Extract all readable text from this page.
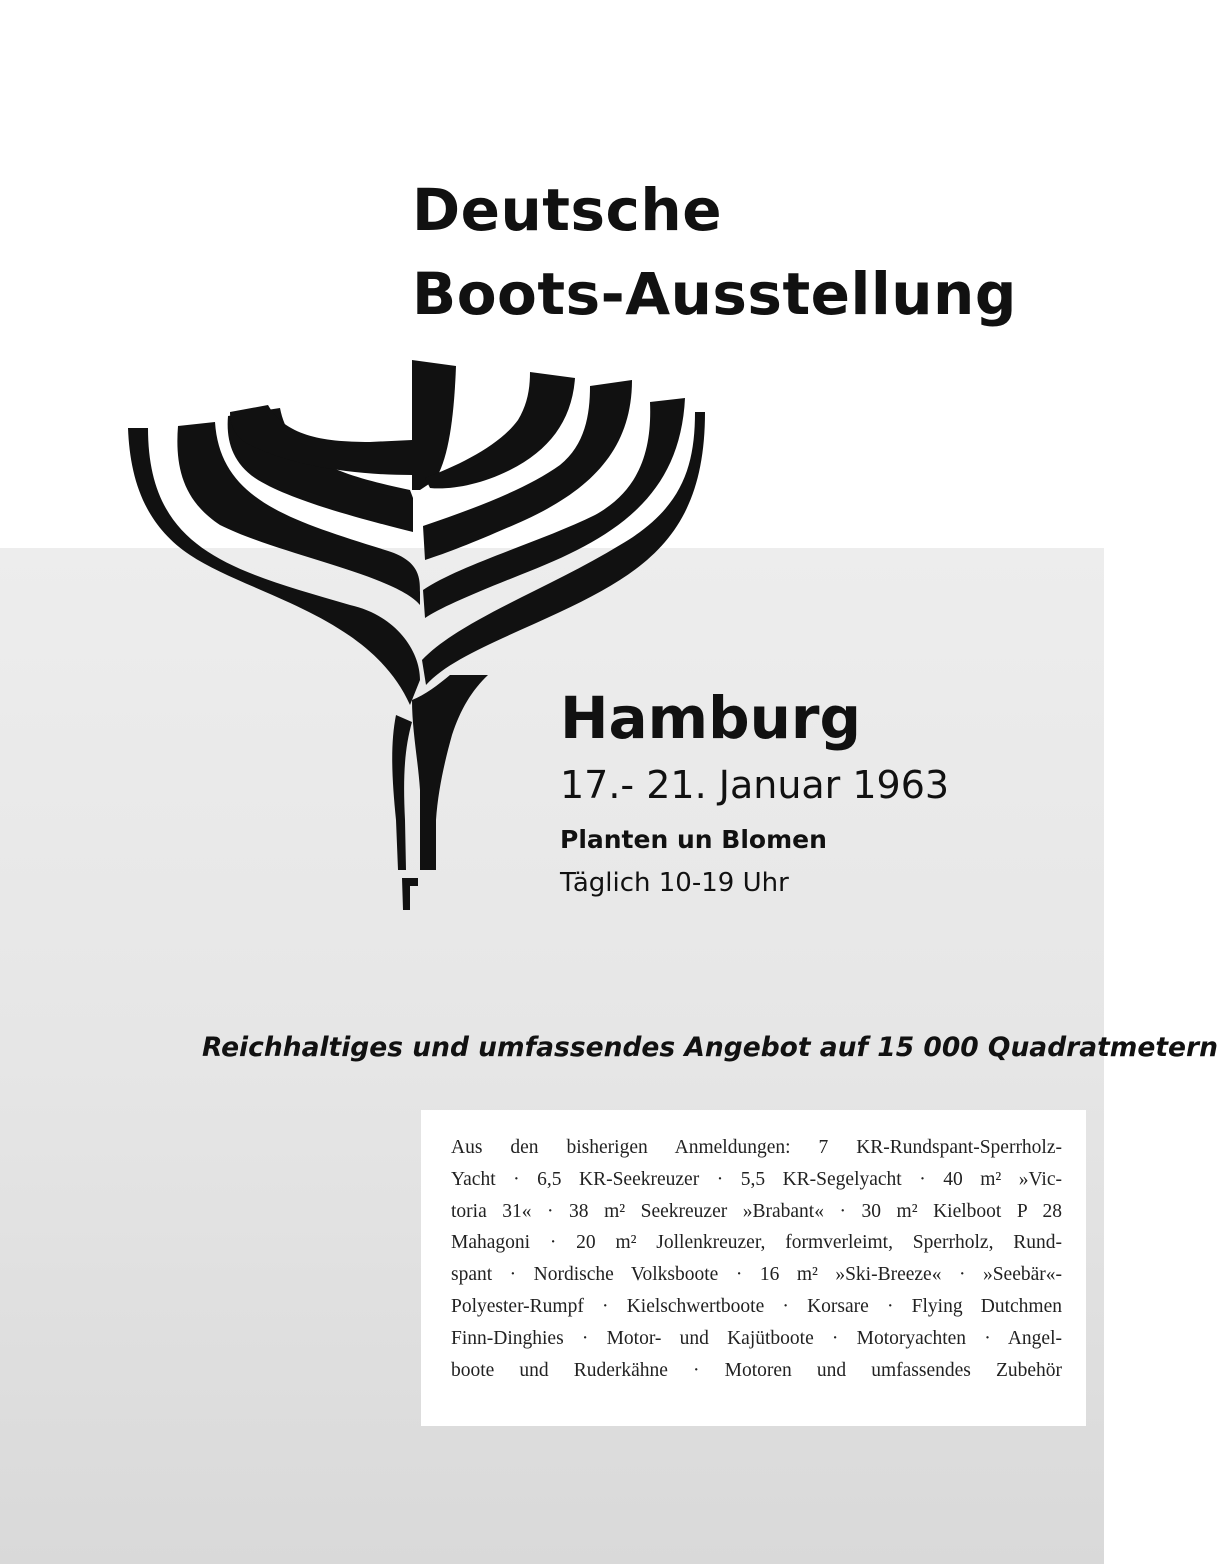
Deutsche
Boots-Ausstellung
Hamburg
17.- 21. Januar 1963
Planten un Blomen
Täglich 10-19 Uhr
Reichhaltiges und umfassendes Angebot auf 15 000 Quadratmetern

Aus den bisherigen Anmeldungen: 7 KR-Rundspant-Sperrholz-
Yacht · 6,5 KR-Seekreuzer · 5,5 KR-Segelyacht · 40 m² »Vic-
toria 31« · 38 m² Seekreuzer »Brabant« · 30 m² Kielboot P 28
Mahagoni · 20 m² Jollenkreuzer, formverleimt, Sperrholz, Rund-
spant · Nordische Volksboote · 16 m² »Ski-Breeze« · »Seebär«-
Polyester-Rumpf · Kielschwertboote · Korsare · Flying Dutchmen
Finn-Dinghies · Motor- und Kajütboote · Motoryachten · Angel-
boote und Ruderkähne · Motoren und umfassendes Zubehör
